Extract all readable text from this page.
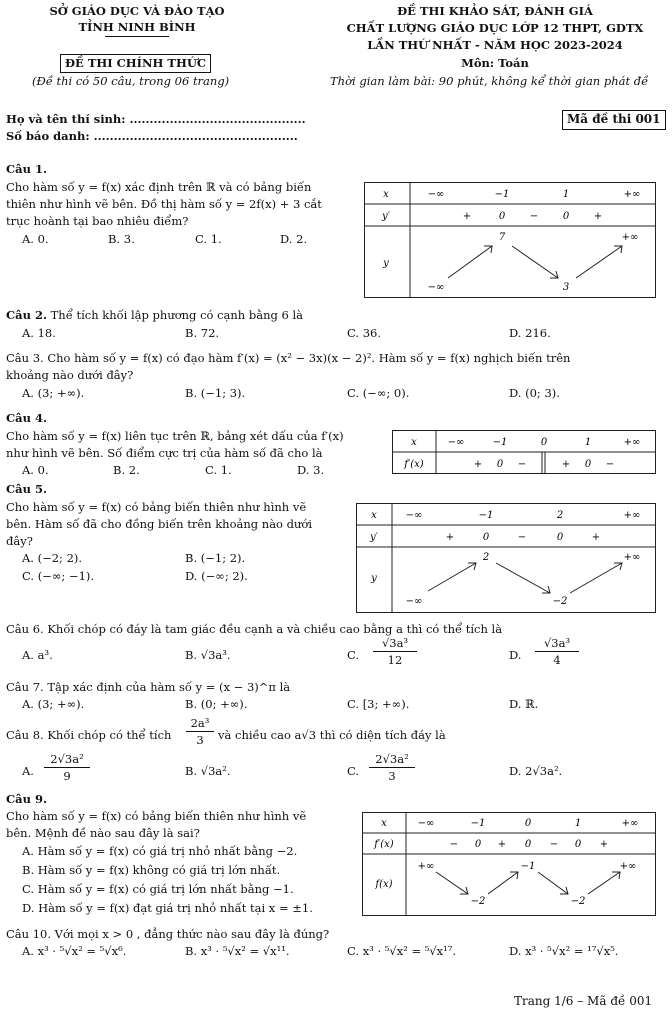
SỞ GIÁO DỤC VÀ ĐÀO TẠO
TỈNH NINH BÌNH
ĐỀ THI CHÍNH THỨC
(Đề thi có 50 câu, trong 06 trang)
ĐỀ THI KHẢO SÁT, ĐÁNH GIÁ
CHẤT LƯỢNG GIÁO DỤC LỚP 12 THPT, GDTX
LẦN THỨ NHẤT - NĂM HỌC 2023-2024
Môn: Toán
Thời gian làm bài: 90 phút, không kể thời gian phát đề
Họ và tên thí sinh: ............................................
Số báo danh: ...................................................
Mã đề thi 001
Câu 1.
Cho hàm số y = f(x) xác định trên ℝ và có bảng biến
thiên như hình vẽ bên. Đồ thị hàm số y = 2f(x) + 3 cắt
trục hoành tại bao nhiêu điểm?
A. 0.	B. 3.	C. 1.	D. 2.
x	−∞	−1	1	+∞
y′	+	0 − 0 +
y
7	+∞
−∞	3
Câu 2. Thể tích khối lập phương có cạnh bằng 6 là
A. 18.	B. 72.	C. 36.	D. 216.
Câu 3. Cho hàm số y = f(x) có đạo hàm f′(x) = (x² − 3x)(x − 2)². Hàm số y = f(x) nghịch biến trên
khoảng nào dưới đây?
A. (3; +∞).	B. (−1; 3).	C. (−∞; 0).	D. (0; 3).
Câu 4.
Cho hàm số y = f(x) liên tục trên ℝ, bảng xét dấu của f′(x)
như hình vẽ bên. Số điểm cực trị của hàm số đã cho là
A. 0.	B. 2.	C. 1.	D. 3.
x	−∞	−1	0	1	+∞
f′(x)	+ 0 −	+ 0 −
Câu 5.
Cho hàm số y = f(x) có bảng biến thiên như hình vẽ
bên. Hàm số đã cho đồng biến trên khoảng nào dưới
đây?
A. (−2; 2).	B. (−1; 2).
C. (−∞; −1).	D. (−∞; 2).
x	−∞	−1	2	+∞
y′	+	0	−	0	+
y
2	+∞
−∞	−2
Câu 6. Khối chóp có đáy là tam giác đều cạnh a và chiều cao bằng a thì có thể tích là
A. a³.	B. √3a³.	C.
√3a³
12	D.
√3a³
4
Câu 7. Tập xác định của hàm số y = (x − 3)^π là
A. (3; +∞).	B. (0; +∞).	C. [3; +∞).	D. ℝ.
Câu 8. Khối chóp có thể tích
2a³
3	và chiều cao a√3 thì có diện tích đáy là
A.
2√3a²
9	B. √3a².	C.
2√3a²
3	D. 2√3a².
Câu 9.
Cho hàm số y = f(x) có bảng biến thiên như hình vẽ
bên. Mệnh đề nào sau đây là sai?
A. Hàm số y = f(x) có giá trị nhỏ nhất bằng −2.
B. Hàm số y = f(x) không có giá trị lớn nhất.
C. Hàm số y = f(x) có giá trị lớn nhất bằng −1.
D. Hàm số y = f(x) đạt giá trị nhỏ nhất tại x = ±1.
x	−∞	−1	0	1	+∞
f′(x)	− 0 + 0 − 0 +
f(x)
+∞	−1	+∞
−2	−2
Câu 10. Với mọi x > 0 , đẳng thức nào sau đây là đúng?
A. x³ · ⁵√x² = ⁵√x⁶.	B. x³ · ⁵√x² = √x¹¹.	C. x³ · ⁵√x² = ⁵√x¹⁷.	D. x³ · ⁵√x² = ¹⁷√x⁵.
Trang 1/6 – Mã đề 001
